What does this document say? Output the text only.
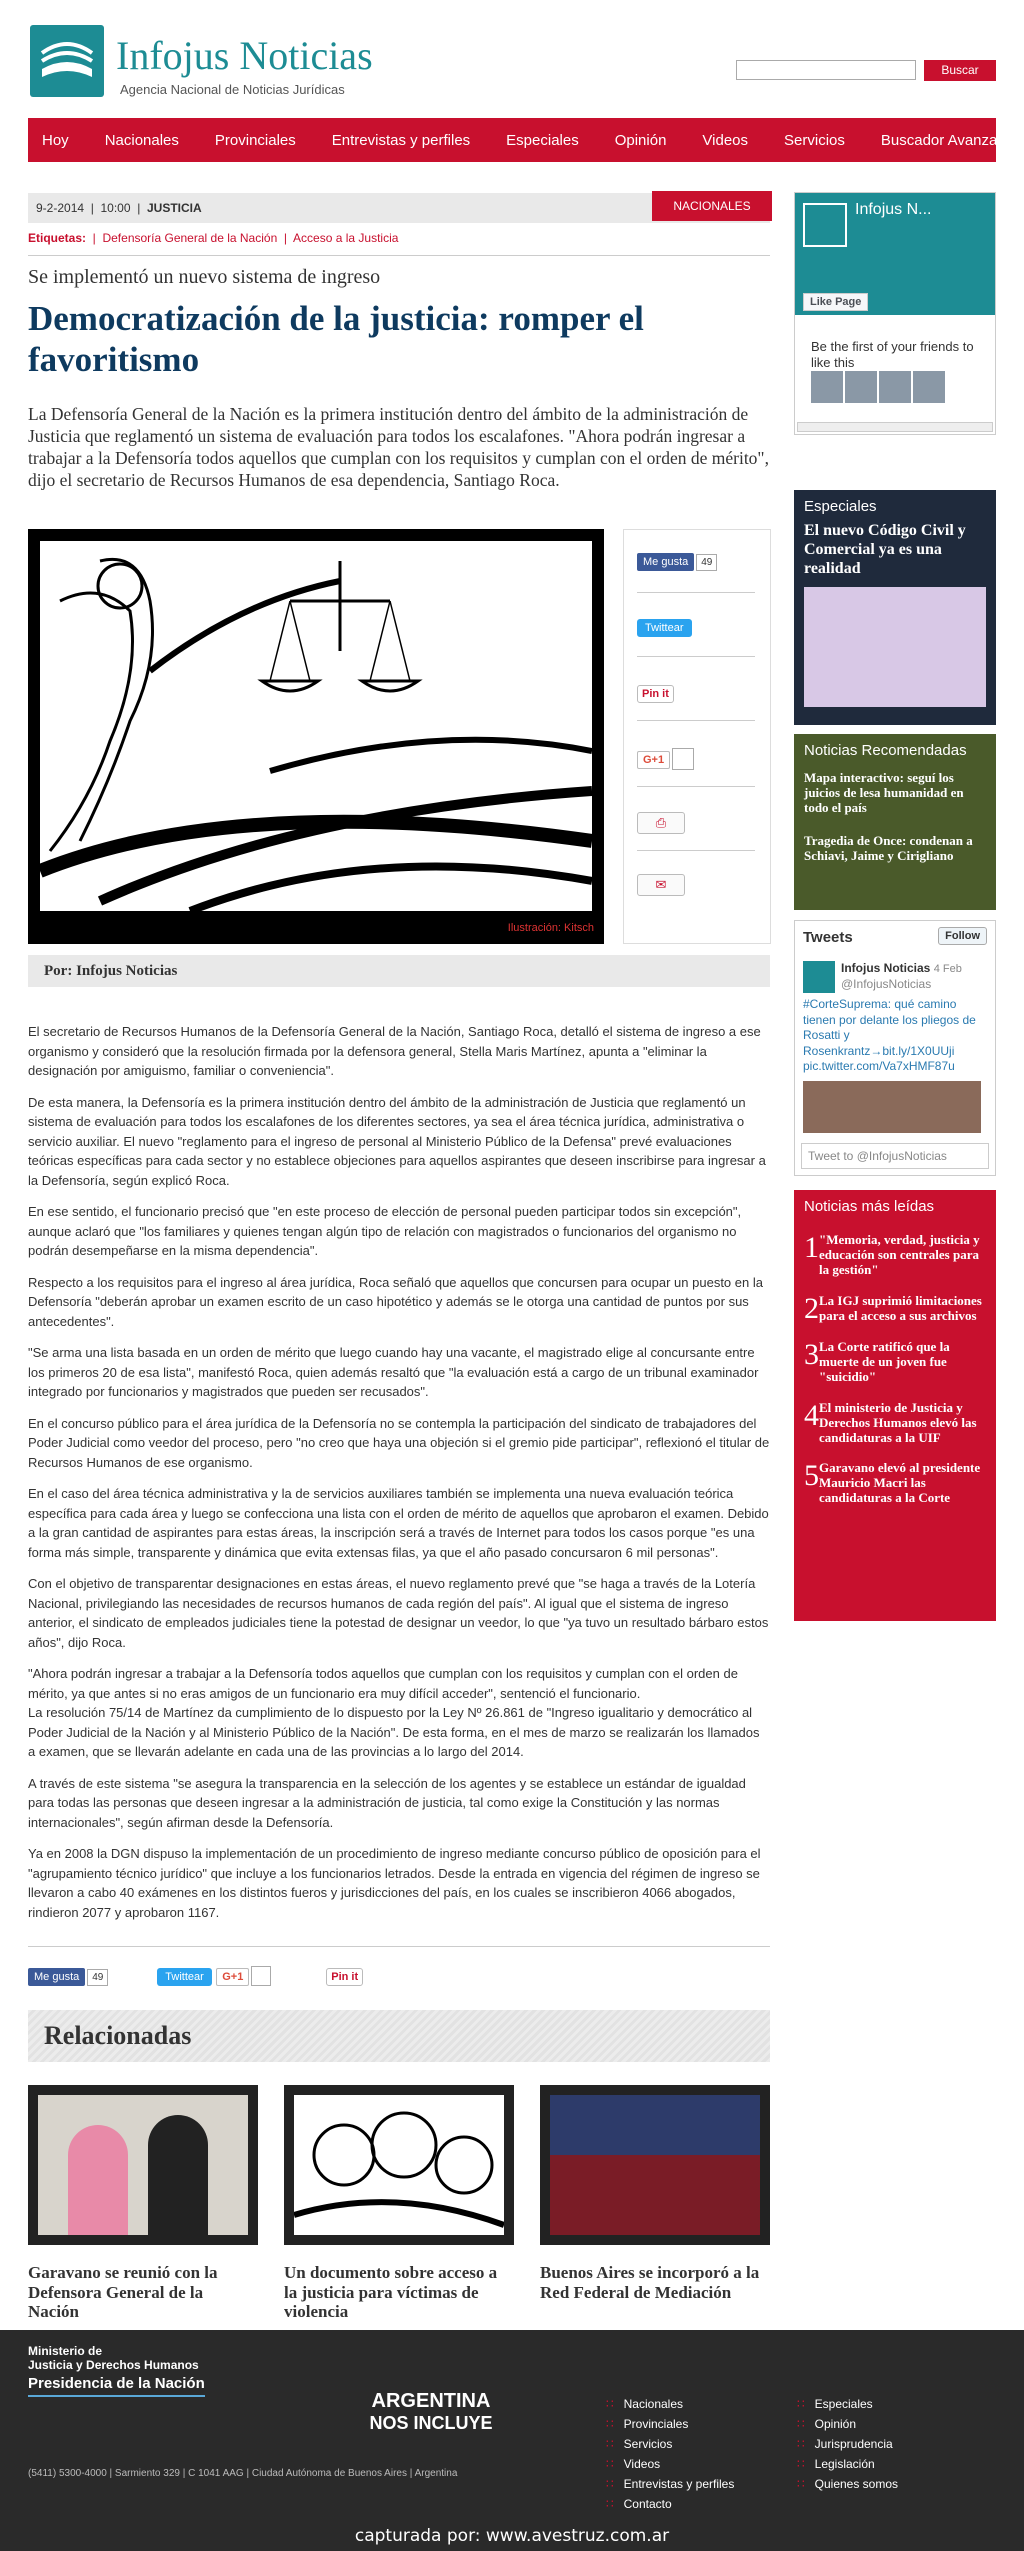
Infojus Noticias
Agencia Nacional de Noticias Jurídicas
Buscar
Hoy Nacionales Provinciales Entrevistas y perfiles Especiales Opinión Videos Servicios Buscador Avanzado
9-2-2014  |  10:00  |  JUSTICIA	NACIONALES
Etiquetas:  |  Defensoría General de la Nación  |  Acceso a la Justicia
Se implementó un nuevo sistema de ingreso
Democratización de la justicia: romper el favoritismo
La Defensoría General de la Nación es la primera institución dentro del ámbito de la administración de Justicia que reglamentó un sistema de evaluación para todos los escalafones. "Ahora podrán ingresar a trabajar a la Defensoría todos aquellos que cumplan con los requisitos y cumplan con el orden de mérito", dijo el secretario de Recursos Humanos de esa dependencia, Santiago Roca.
Ilustración: Kitsch
Me gusta 49
Twittear
Pin it
G+1
⎙
✉
Por: Infojus Noticias

El secretario de Recursos Humanos de la Defensoría General de la Nación, Santiago Roca, detalló el sistema de ingreso a ese organismo y consideró que la resolución firmada por la defensora general, Stella Maris Martínez, apunta a "eliminar la designación por amiguismo, familiar o conveniencia".

De esta manera, la Defensoría es la primera institución dentro del ámbito de la administración de Justicia que reglamentó un sistema de evaluación para todos los escalafones de los diferentes sectores, ya sea el área técnica jurídica, administrativa o servicio auxiliar. El nuevo "reglamento para el ingreso de personal al Ministerio Público de la Defensa" prevé evaluaciones teóricas específicas para cada sector y no establece objeciones para aquellos aspirantes que deseen inscribirse para ingresar a la Defensoría, según explicó Roca.

En ese sentido, el funcionario precisó que "en este proceso de elección de personal pueden participar todos sin excepción", aunque aclaró que "los familiares y quienes tengan algún tipo de relación con magistrados o funcionarios del organismo no podrán desempeñarse en la misma dependencia".

Respecto a los requisitos para el ingreso al área jurídica, Roca señaló que aquellos que concursen para ocupar un puesto en la Defensoría "deberán aprobar un examen escrito de un caso hipotético y además se le otorga una cantidad de puntos por sus antecedentes".

"Se arma una lista basada en un orden de mérito que luego cuando hay una vacante, el magistrado elige al concursante entre los primeros 20 de esa lista", manifestó Roca, quien además resaltó que "la evaluación está a cargo de un tribunal examinador integrado por funcionarios y magistrados que pueden ser recusados".

En el concurso público para el área jurídica de la Defensoría no se contempla la participación del sindicato de trabajadores del Poder Judicial como veedor del proceso, pero "no creo que haya una objeción si el gremio pide participar", reflexionó el titular de Recursos Humanos de ese organismo.

En el caso del área técnica administrativa y la de servicios auxiliares también se implementa una nueva evaluación teórica específica para cada área y luego se confecciona una lista con el orden de mérito de aquellos que aprobaron el examen. Debido a la gran cantidad de aspirantes para estas áreas, la inscripción será a través de Internet para todos los casos porque "es una forma más simple, transparente y dinámica que evita extensas filas, ya que el año pasado concursaron 6 mil personas".

Con el objetivo de transparentar designaciones en estas áreas, el nuevo reglamento prevé que "se haga a través de la Lotería Nacional, privilegiando las necesidades de recursos humanos de cada región del país". Al igual que el sistema de ingreso anterior, el sindicato de empleados judiciales tiene la potestad de designar un veedor, lo que "ya tuvo un resultado bárbaro estos años", dijo Roca.

"Ahora podrán ingresar a trabajar a la Defensoría todos aquellos que cumplan con los requisitos y cumplan con el orden de mérito, ya que antes si no eras amigos de un funcionario era muy difícil acceder", sentenció el funcionario.
La resolución 75/14 de Martínez da cumplimiento de lo dispuesto por la Ley Nº 26.861 de "Ingreso igualitario y democrático al Poder Judicial de la Nación y al Ministerio Público de la Nación". De esta forma, en el mes de marzo se realizarán los llamados a examen, que se llevarán adelante en cada una de las provincias a lo largo del 2014.

A través de este sistema "se asegura la transparencia en la selección de los agentes y se establece un estándar de igualdad para todas las personas que deseen ingresar a la administración de justicia, tal como exige la Constitución y las normas internacionales", según afirman desde la Defensoría.

Ya en 2008 la DGN dispuso la implementación de un procedimiento de ingreso mediante concurso público de oposición para el "agrupamiento técnico jurídico" que incluye a los funcionarios letrados. Desde la entrada en vigencia del régimen de ingreso se llevaron a cabo 40 exámenes en los distintos fueros y jurisdicciones del país, en los cuales se inscribieron 4066 abogados, rindieron 2077 y aprobaron 1167.

Me gusta 49	Twittear G+1	Pin it
Relacionadas
Garavano se reunió con la Defensora General de la Nación
Un documento sobre acceso a la justicia para víctimas de violencia
Buenos Aires se incorporó a la Red Federal de Mediación
Infojus N...
Like Page
Be the first of your friends to like this
Especiales
El nuevo Código Civil y Comercial ya es una realidad
Noticias Recomendadas
Mapa interactivo: seguí los juicios de lesa humanidad en todo el país
Tragedia de Once: condenan a Schiavi, Jaime y Cirigliano
Tweets	Follow
Infojus Noticias 4 Feb
@InfojusNoticias
#CorteSuprema: qué camino tienen por delante los pliegos de Rosatti y Rosenkrantz→bit.ly/1X0UUji pic.twitter.com/Va7xHMF87u
Tweet to @InfojusNoticias
Noticias más leídas
1 "Memoria, verdad, justicia y educación son centrales para la gestión"
2 La IGJ suprimió limitaciones para el acceso a sus archivos
3 La Corte ratificó que la muerte de un joven fue "suicidio"
4 El ministerio de Justicia y Derechos Humanos elevó las candidaturas a la UIF
5 Garavano elevó al presidente Mauricio Macri las candidaturas a la Corte
Ministerio de
Justicia y Derechos Humanos
Presidencia de la Nación
ARGENTINA
NOS INCLUYE
(5411) 5300-4000 | Sarmiento 329 | C 1041 AAG | Ciudad Autónoma de Buenos Aires | Argentina
∷ Nacionales
∷ Provinciales
∷ Servicios
∷ Videos
∷ Entrevistas y perfiles
∷ Contacto
∷ Especiales
∷ Opinión
∷ Jurisprudencia
∷ Legislación
∷ Quienes somos
capturada por: www.avestruz.com.ar
